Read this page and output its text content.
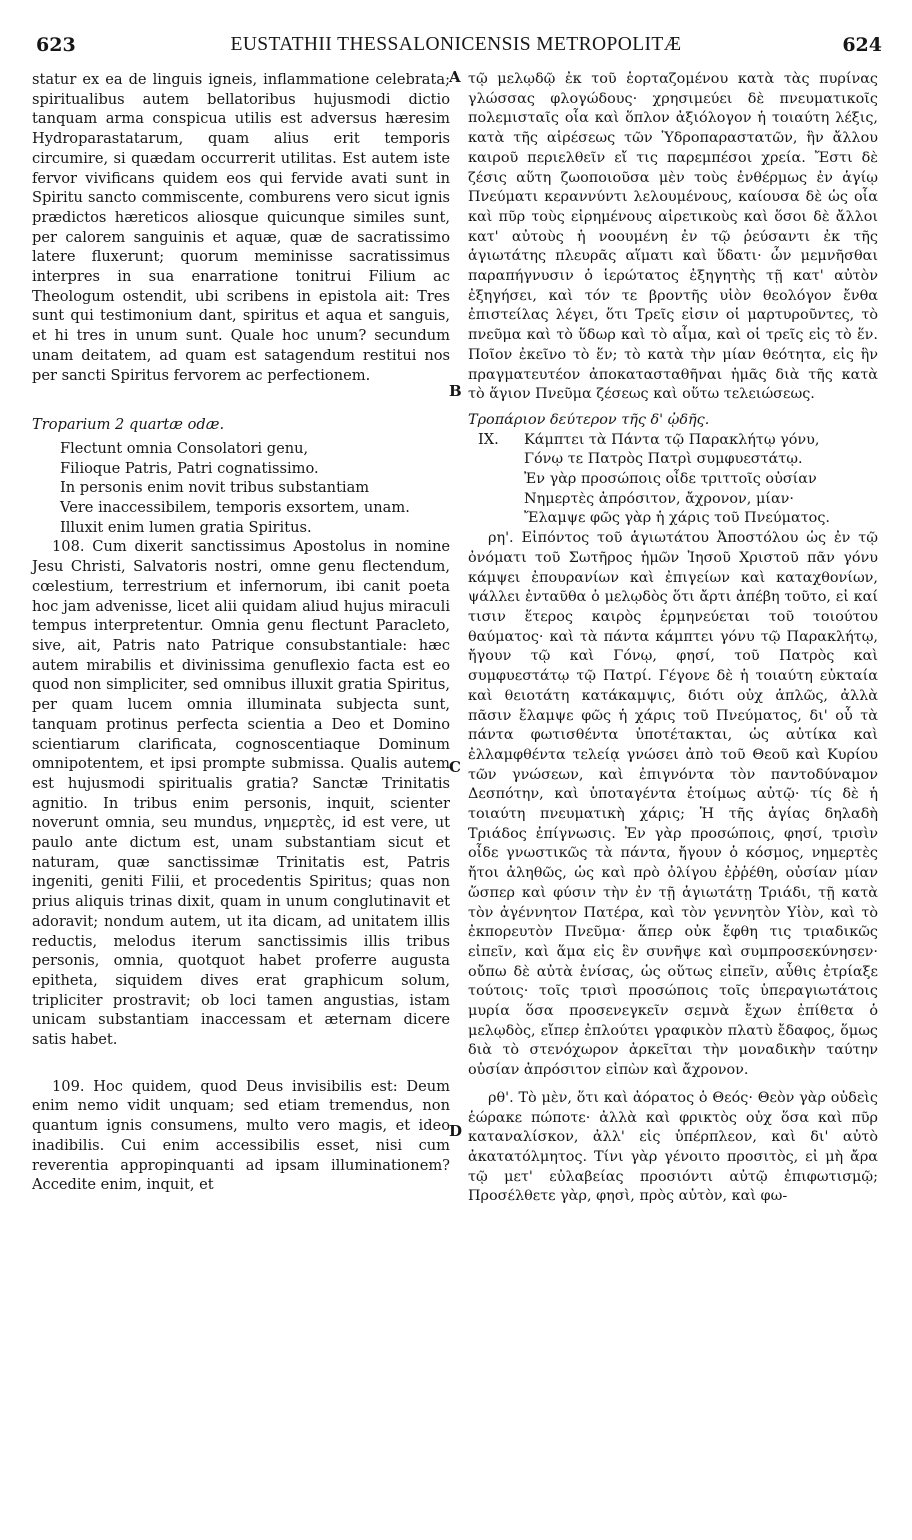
623	EUSTATHII THESSALONICENSIS METROPOLITÆ	624
A
B
C
D

statur ex ea de linguis igneis, inflammatione celebrata; spiritualibus autem bellatoribus hujusmodi dictio tanquam arma conspicua utilis est adversus hæresim Hydroparastatarum, quam alius erit temporis circumire, si quædam occurrerit utilitas. Est autem iste fervor vivificans quidem eos qui fervide avati sunt in Spiritu sancto commiscente, comburens vero sicut ignis prædictos hæreticos aliosque quicunque similes sunt, per calorem sanguinis et aquæ, quæ de sacratissimo latere fluxerunt; quorum meminisse sacratissimus interpres in sua enarratione tonitrui Filium ac Theologum ostendit, ubi scribens in epistola ait: Tres sunt qui testimonium dant, spiritus et aqua et sanguis, et hi tres in unum sunt. Quale hoc unum? secundum unam deitatem, ad quam est satagendum restitui nos per sancti Spiritus fervorem ac perfectionem.

Troparium 2 quartæ odæ.

Flectunt omnia Consolatori genu,

Filioque Patris, Patri cognatissimo.

In personis enim novit tribus substantiam

Vere inaccessibilem, temporis exsortem, unam.

Illuxit enim lumen gratia Spiritus.

108. Cum dixerit sanctissimus Apostolus in nomine Jesu Christi, Salvatoris nostri, omne genu flectendum, cœlestium, terrestrium et infernorum, ibi canit poeta hoc jam advenisse, licet alii quidam aliud hujus miraculi tempus interpretentur. Omnia genu flectunt Paracleto, sive, ait, Patris nato Patrique consubstantiale: hæc autem mirabilis et divinissima genuflexio facta est eo quod non simpliciter, sed omnibus illuxit gratia Spiritus, per quam lucem omnia illuminata subjecta sunt, tanquam protinus perfecta scientia a Deo et Domino scientiarum clarificata, cognoscentiaque Dominum omnipotentem, et ipsi prompte submissa. Qualis autem est hujusmodi spiritualis gratia? Sanctæ Trinitatis agnitio. In tribus enim personis, inquit, scienter noverunt omnia, seu mundus, νημερτὲς, id est vere, ut paulo ante dictum est, unam substantiam sicut et naturam, quæ sanctissimæ Trinitatis est, Patris ingeniti, geniti Filii, et procedentis Spiritus; quas non prius aliquis trinas dixit, quam in unum conglutinavit et adoravit; nondum autem, ut ita dicam, ad unitatem illis reductis, melodus iterum sanctissimis illis tribus personis, omnia, quotquot habet proferre augusta epitheta, siquidem dives erat graphicum solum, tripliciter prostravit; ob loci tamen angustias, istam unicam substantiam inaccessam et æternam dicere satis habet.

109. Hoc quidem, quod Deus invisibilis est: Deum enim nemo vidit unquam; sed etiam tremendus, non quantum ignis consumens, multo vero magis, et ideo inadibilis. Cui enim accessibilis esset, nisi cum reverentia appropinquanti ad ipsam illuminationem? Accedite enim, inquit, et

τῷ μελῳδῷ ἐκ τοῦ ἑορταζομένου κατὰ τὰς πυρίνας γλώσσας φλογώδους· χρησιμεύει δὲ πνευματικοῖς πολεμισταῖς οἷα καὶ ὅπλον ἀξιόλογον ἡ τοιαύτη λέξις, κατὰ τῆς αἱρέσεως τῶν Ὑδροπαραστατῶν, ἣν ἄλλου καιροῦ περιελθεῖν εἴ τις παρεμπέσοι χρεία. Ἔστι δὲ ζέσις αὕτη ζωοποιοῦσα μὲν τοὺς ἐνθέρμως ἐν ἁγίῳ Πνεύματι κεραννύντι λελουμένους, καίουσα δὲ ὡς οἷα καὶ πῦρ τοὺς εἰρημένους αἱρετικοὺς καὶ ὅσοι δὲ ἄλλοι κατ' αὐτοὺς ἡ νοουμένη ἐν τῷ ῥεύσαντι ἐκ τῆς ἁγιωτάτης πλευρᾶς αἵματι καὶ ὕδατι· ὧν μεμνῆσθαι παραπήγνυσιν ὁ ἱερώτατος ἐξηγητὴς τῇ κατ' αὐτὸν ἐξηγήσει, καὶ τόν τε βροντῆς υἱὸν θεολόγον ἔνθα ἐπιστείλας λέγει, ὅτι Τρεῖς εἰσιν οἱ μαρτυροῦντες, τὸ πνεῦμα καὶ τὸ ὕδωρ καὶ τὸ αἷμα, καὶ οἱ τρεῖς εἰς τὸ ἕν. Ποῖον ἐκεῖνο τὸ ἕν; τὸ κατὰ τὴν μίαν θεότητα, εἰς ἣν πραγματευτέον ἀποκατασταθῆναι ἡμᾶς διὰ τῆς κατὰ τὸ ἅγιον Πνεῦμα ζέσεως καὶ οὕτω τελειώσεως.

Τροπάριον δεύτερον τῆς δ' ᾠδῆς.

IX.	Κάμπτει τὰ Πάντα τῷ Παρακλήτῳ γόνυ,

Γόνῳ τε Πατρὸς Πατρὶ συμφυεστάτῳ.

Ἐν γὰρ προσώποις οἶδε τριττοῖς οὐσίαν

Νημερτὲς ἀπρόσιτον, ἄχρονον, μίαν·

Ἔλαμψε φῶς γὰρ ἡ χάρις τοῦ Πνεύματος.

ρη'. Εἰπόντος τοῦ ἁγιωτάτου Ἀποστόλου ὡς ἐν τῷ ὀνόματι τοῦ Σωτῆρος ἡμῶν Ἰησοῦ Χριστοῦ πᾶν γόνυ κάμψει ἐπουρανίων καὶ ἐπιγείων καὶ καταχθονίων, ψάλλει ἐνταῦθα ὁ μελῳδὸς ὅτι ἄρτι ἀπέβη τοῦτο, εἰ καί τισιν ἕτερος καιρὸς ἑρμηνεύεται τοῦ τοιούτου θαύματος· καὶ τὰ πάντα κάμπτει γόνυ τῷ Παρακλήτῳ, ἤγουν τῷ καὶ Γόνῳ, φησί, τοῦ Πατρὸς καὶ συμφυεστάτῳ τῷ Πατρί. Γέγονε δὲ ἡ τοιαύτη εὐκταία καὶ θειοτάτη κατάκαμψις, διότι οὐχ ἁπλῶς, ἀλλὰ πᾶσιν ἔλαμψε φῶς ἡ χάρις τοῦ Πνεύματος, δι' οὗ τὰ πάντα φωτισθέντα ὑποτέτακται, ὡς αὐτίκα καὶ ἐλλαμφθέντα τελείᾳ γνώσει ἀπὸ τοῦ Θεοῦ καὶ Κυρίου τῶν γνώσεων, καὶ ἐπιγνόντα τὸν παντοδύναμον Δεσπότην, καὶ ὑποταγέντα ἑτοίμως αὐτῷ· τίς δὲ ἡ τοιαύτη πνευματικὴ χάρις; Ἡ τῆς ἁγίας δηλαδὴ Τριάδος ἐπίγνωσις. Ἐν γὰρ προσώποις, φησί, τρισὶν οἶδε γνωστικῶς τὰ πάντα, ἤγουν ὁ κόσμος, νημερτὲς ἤτοι ἀληθῶς, ὡς καὶ πρὸ ὀλίγου ἐῤῥέθη, οὐσίαν μίαν ὥσπερ καὶ φύσιν τὴν ἐν τῇ ἁγιωτάτῃ Τριάδι, τῇ κατὰ τὸν ἀγέννητον Πατέρα, καὶ τὸν γεννητὸν Υἱὸν, καὶ τὸ ἐκπορευτὸν Πνεῦμα· ἅπερ οὐκ ἔφθη τις τριαδικῶς εἰπεῖν, καὶ ἅμα εἰς ἓν συνῆψε καὶ συμπροσεκύνησεν· οὔπω δὲ αὐτὰ ἑνίσας, ὡς οὕτως εἰπεῖν, αὖθις ἐτρίαξε τούτοις· τοῖς τρισὶ προσώποις τοῖς ὑπεραγιωτάτοις μυρία ὅσα προσενεγκεῖν σεμνὰ ἔχων ἐπίθετα ὁ μελῳδὸς, εἴπερ ἐπλούτει γραφικὸν πλατὺ ἔδαφος, ὅμως διὰ τὸ στενόχωρον ἀρκεῖται τὴν μοναδικὴν ταύτην οὐσίαν ἀπρόσιτον εἰπὼν καὶ ἄχρονον.

ρθ'. Τὸ μὲν, ὅτι καὶ ἀόρατος ὁ Θεός· Θεὸν γὰρ οὐδεὶς ἑώρακε πώποτε· ἀλλὰ καὶ φρικτὸς οὐχ ὅσα καὶ πῦρ καταναλίσκον, ἀλλ' εἰς ὑπέρπλεον, καὶ δι' αὐτὸ ἀκατατόλμητος. Τίνι γὰρ γένοιτο προσιτὸς, εἰ μὴ ἄρα τῷ μετ' εὐλαβείας προσιόντι αὐτῷ ἐπιφωτισμῷ; Προσέλθετε γὰρ, φησὶ, πρὸς αὐτὸν, καὶ φω-
